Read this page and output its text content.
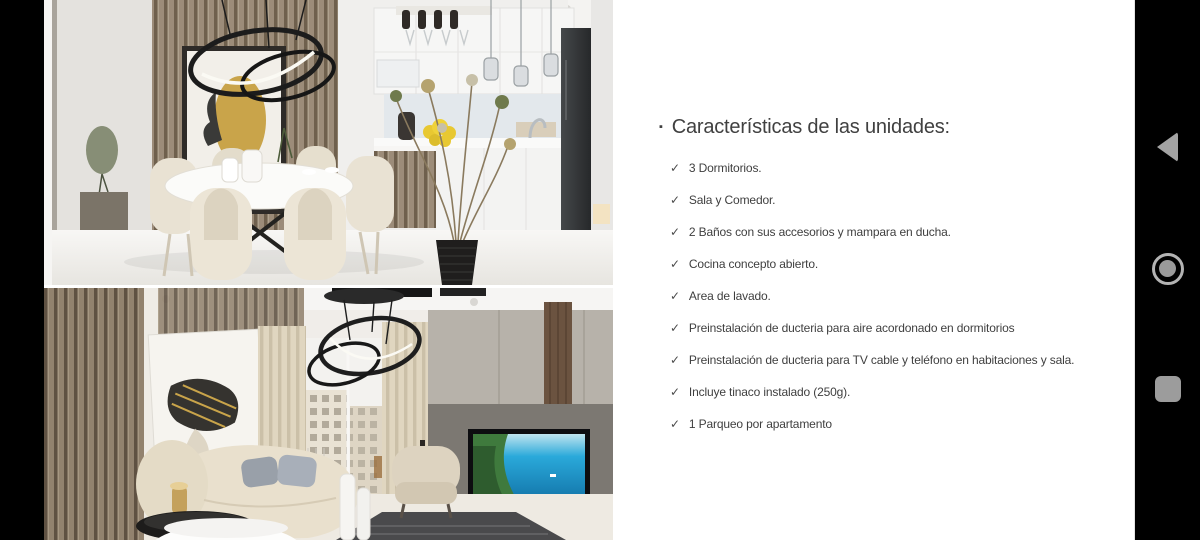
▪ Características de las unidades:
✓ 3 Dormitorios.
✓ Sala y Comedor.
✓ 2 Baños con sus accesorios y mampara en ducha.
✓ Cocina concepto abierto.
✓ Area de lavado.
✓ Preinstalación de ducteria para aire acordonado en dormitorios
✓ Preinstalación de ducteria para TV cable y teléfono en habitaciones y sala.
✓ Incluye tinaco instalado (250g).
✓ 1 Parqueo por apartamento
